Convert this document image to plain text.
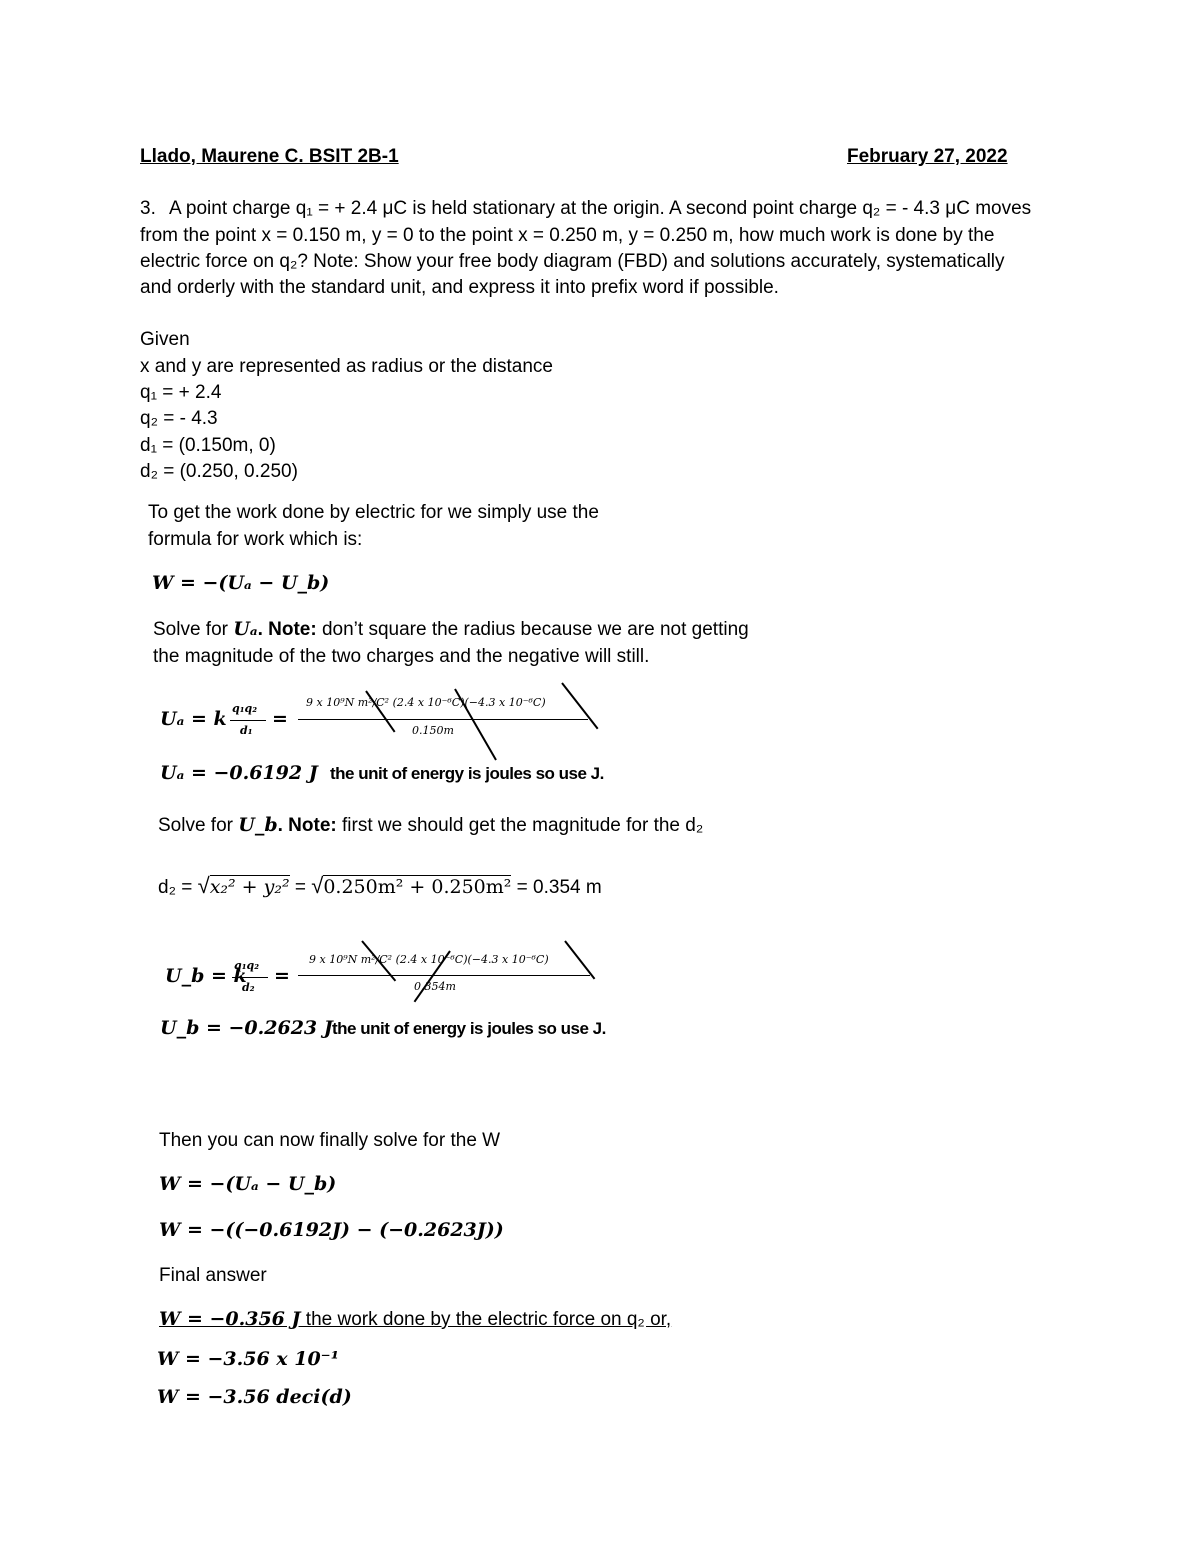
Llado, Maurene C. BSIT 2B-1	February 27, 2022
3. A point charge q₁ = + 2.4 μC is held stationary at the origin. A second point charge q₂ = - 4.3 μC moves
from the point x = 0.150 m, y = 0 to the point x = 0.250 m, y = 0.250 m, how much work is done by the
electric force on q₂? Note: Show your free body diagram (FBD) and solutions accurately, systematically
and orderly with the standard unit, and express it into prefix word if possible.
Given
x and y are represented as radius or the distance
q₁ = + 2.4
q₂ = - 4.3
d₁ = (0.150m, 0)
d₂ = (0.250, 0.250)
To get the work done by electric for we simply use the
formula for work which is:
W = −(Uₐ − U_b)
Solve for Uₐ. Note: don’t square the radius because we are not getting
the magnitude of the two charges and the negative will still.
Uₐ = k q₁q₂
d₁
=
9 x 10⁹N m²/C² (2.4 x 10⁻⁶C)(−4.3 x 10⁻⁶C)
0.150m
Uₐ = −0.6192 J the unit of energy is joules so use J.
Solve for U_b. Note: first we should get the magnitude for the d₂
d₂ = √x₂² + y₂² = √0.250m² + 0.250m² = 0.354 m
U_b = k
q₁q₂
d₂
=
9 x 10⁹N m²/C² (2.4 x 10⁻⁶C)(−4.3 x 10⁻⁶C)
0.354m
U_b = −0.2623 J the unit of energy is joules so use J.
Then you can now finally solve for the W
W = −(Uₐ − U_b)
W = −((−0.6192J) − (−0.2623J))
Final answer
W = −0.356 J the work done by the electric force on q₂ or,
W = −3.56 x 10⁻¹
W = −3.56 deci(d)
